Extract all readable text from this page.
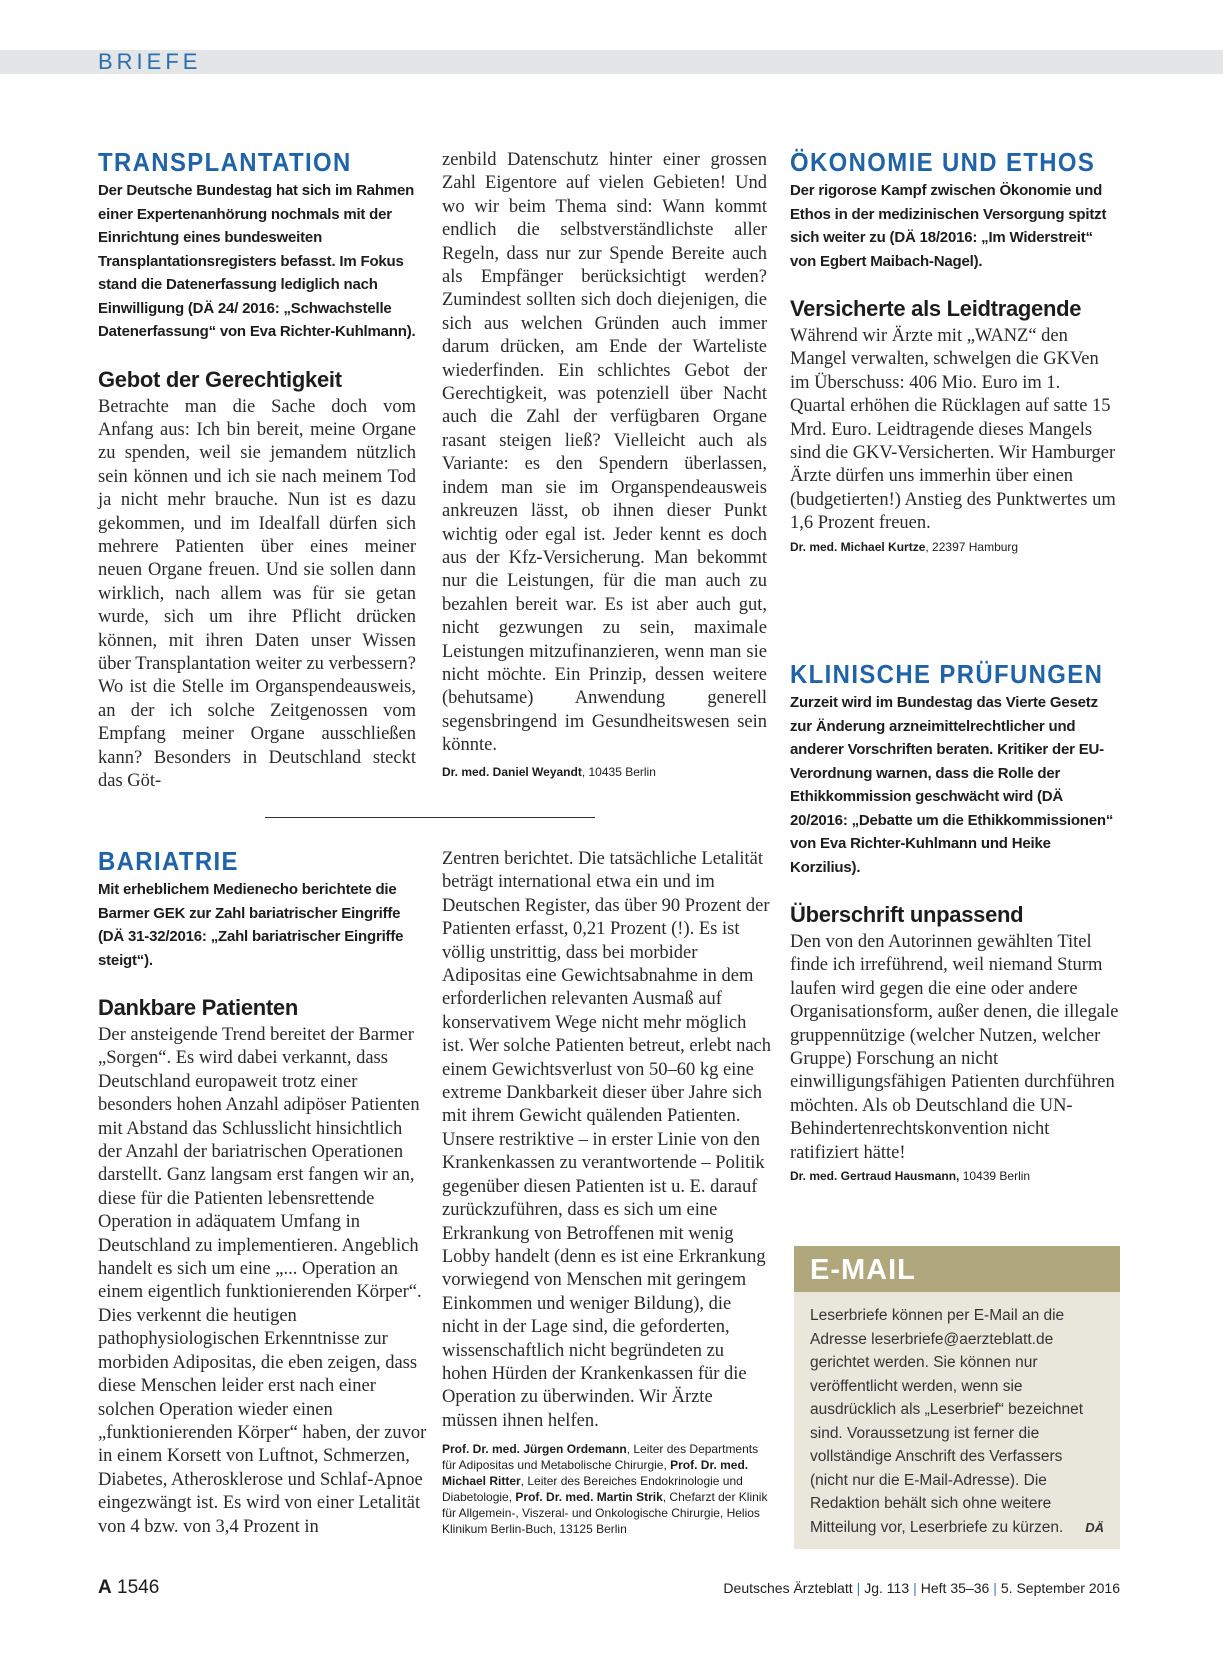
BRIEFE
TRANSPLANTATION
Der Deutsche Bundestag hat sich im Rahmen einer Expertenanhörung nochmals mit der Einrichtung eines bundesweiten Transplantationsregisters befasst. Im Fokus stand die Datenerfassung lediglich nach Einwilligung (DÄ 24/ 2016: „Schwachstelle Datenerfassung“ von Eva Richter-Kuhlmann).
Gebot der Gerechtigkeit
Betrachte man die Sache doch vom Anfang aus: Ich bin bereit, meine Organe zu spenden, weil sie jemandem nützlich sein können und ich sie nach meinem Tod ja nicht mehr brauche. Nun ist es dazu gekommen, und im Idealfall dürfen sich mehrere Patienten über eines meiner neuen Organe freuen. Und sie sollen dann wirklich, nach allem was für sie getan wurde, sich um ihre Pflicht drücken können, mit ihren Daten unser Wissen über Transplantation weiter zu verbessern? Wo ist die Stelle im Organspendeausweis, an der ich solche Zeitgenossen vom Empfang meiner Organe ausschließen kann? Besonders in Deutschland steckt das Göt-
zenbild Datenschutz hinter einer grossen Zahl Eigentore auf vielen Gebieten! Und wo wir beim Thema sind: Wann kommt endlich die selbstverständlichste aller Regeln, dass nur zur Spende Bereite auch als Empfänger berücksichtigt werden? Zumindest sollten sich doch diejenigen, die sich aus welchen Gründen auch immer darum drücken, am Ende der Warteliste wiederfinden. Ein schlichtes Gebot der Gerechtigkeit, was potenziell über Nacht auch die Zahl der verfügbaren Organe rasant steigen ließ? Vielleicht auch als Variante: es den Spendern überlassen, indem man sie im Organspendeausweis ankreuzen lässt, ob ihnen dieser Punkt wichtig oder egal ist. Jeder kennt es doch aus der Kfz-Versicherung. Man bekommt nur die Leistungen, für die man auch zu bezahlen bereit war. Es ist aber auch gut, nicht gezwungen zu sein, maximale Leistungen mitzufinanzieren, wenn man sie nicht möchte. Ein Prinzip, dessen weitere (behutsame) Anwendung generell segensbringend im Gesundheitswesen sein könnte.
Dr. med. Daniel Weyandt, 10435 Berlin
ÖKONOMIE UND ETHOS
Der rigorose Kampf zwischen Ökonomie und Ethos in der medizinischen Versorgung spitzt sich weiter zu (DÄ 18/2016: „Im Widerstreit“ von Egbert Maibach-Nagel).
Versicherte als Leidtragende
Während wir Ärzte mit „WANZ“ den Mangel verwalten, schwelgen die GKVen im Überschuss: 406 Mio. Euro im 1. Quartal erhöhen die Rücklagen auf satte 15 Mrd. Euro. Leidtragende dieses Mangels sind die GKV-Versicherten. Wir Hamburger Ärzte dürfen uns immerhin über einen (budgetierten!) Anstieg des Punktwertes um 1,6 Prozent freuen.
Dr. med. Michael Kurtze, 22397 Hamburg
KLINISCHE PRÜFUNGEN
Zurzeit wird im Bundestag das Vierte Gesetz zur Änderung arzneimittelrechtlicher und anderer Vorschriften beraten. Kritiker der EU-Verordnung warnen, dass die Rolle der Ethikkommission geschwächt wird (DÄ 20/2016: „Debatte um die Ethikkommissionen“ von Eva Richter-Kuhlmann und Heike Korzilius).
Überschrift unpassend
Den von den Autorinnen gewählten Titel finde ich irreführend, weil niemand Sturm laufen wird gegen die eine oder andere Organisationsform, außer denen, die illegale gruppennützige (welcher Nutzen, welcher Gruppe) Forschung an nicht einwilligungsfähigen Patienten durchführen möchten. Als ob Deutschland die UN-Behindertenrechtskonvention nicht ratifiziert hätte!
Dr. med. Gertraud Hausmann, 10439 Berlin
BARIATRIE
Mit erheblichem Medienecho berichtete die Barmer GEK zur Zahl bariatrischer Eingriffe (DÄ 31-32/2016: „Zahl bariatrischer Eingriffe steigt“).
Dankbare Patienten
Der ansteigende Trend bereitet der Barmer „Sorgen“. Es wird dabei verkannt, dass Deutschland europaweit trotz einer besonders hohen Anzahl adipöser Patienten mit Abstand das Schlusslicht hinsichtlich der Anzahl der bariatrischen Operationen darstellt. Ganz langsam erst fangen wir an, diese für die Patienten lebensrettende Operation in adäquatem Umfang in Deutschland zu implementieren. Angeblich handelt es sich um eine „... Operation an einem eigentlich funktionierenden Körper“. Dies verkennt die heutigen pathophysiologischen Erkenntnisse zur morbiden Adipositas, die eben zeigen, dass diese Menschen leider erst nach einer solchen Operation wieder einen „funktionierenden Körper“ haben, der zuvor in einem Korsett von Luftnot, Schmerzen, Diabetes, Atherosklerose und Schlaf-Apnoe eingezwängt ist. Es wird von einer Letalität von 4 bzw. von 3,4 Prozent in
Zentren berichtet. Die tatsächliche Letalität beträgt international etwa ein und im Deutschen Register, das über 90 Prozent der Patienten erfasst, 0,21 Prozent (!). Es ist völlig unstrittig, dass bei morbider Adipositas eine Gewichtsabnahme in dem erforderlichen relevanten Ausmaß auf konservativem Wege nicht mehr möglich ist. Wer solche Patienten betreut, erlebt nach einem Gewichtsverlust von 50–60 kg eine extreme Dankbarkeit dieser über Jahre sich mit ihrem Gewicht quälenden Patienten. Unsere restriktive – in erster Linie von den Krankenkassen zu verantwortende – Politik gegenüber diesen Patienten ist u. E. darauf zurückzuführen, dass es sich um eine Erkrankung von Betroffenen mit wenig Lobby handelt (denn es ist eine Erkrankung vorwiegend von Menschen mit geringem Einkommen und weniger Bildung), die nicht in der Lage sind, die geforderten, wissenschaftlich nicht begründeten zu hohen Hürden der Krankenkassen für die Operation zu überwinden. Wir Ärzte müssen ihnen helfen.
Prof. Dr. med. Jürgen Ordemann, Leiter des Departments für Adipositas und Metabolische Chirurgie, Prof. Dr. med. Michael Ritter, Leiter des Bereiches Endokrinologie und Diabetologie, Prof. Dr. med. Martin Strik, Chefarzt der Klinik für Allgemein-, Viszeral- und Onkologische Chirurgie, Helios Klinikum Berlin-Buch, 13125 Berlin
E-MAIL
Leserbriefe können per E-Mail an die Adresse leserbriefe@aerzteblatt.de gerichtet werden. Sie können nur veröffentlicht werden, wenn sie ausdrücklich als „Leserbrief“ bezeichnet sind. Voraussetzung ist ferner die vollständige Anschrift des Verfassers (nicht nur die E-Mail-Adresse). Die Redaktion behält sich ohne weitere Mitteilung vor, Leserbriefe zu kürzen. DÄ
A 1546	Deutsches Ärzteblatt | Jg. 113 | Heft 35–36 | 5. September 2016
